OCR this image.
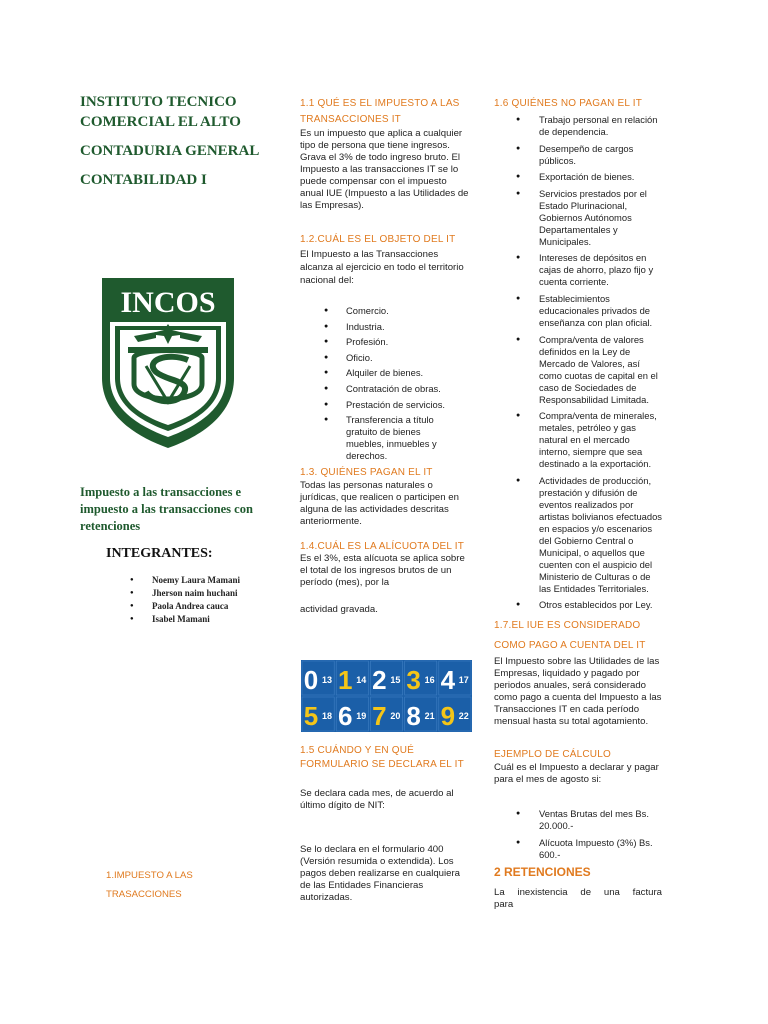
INSTITUTO TECNICO
COMERCIAL EL ALTO
CONTADURIA GENERAL
CONTABILIDAD I
INCOS
Impuesto a las transacciones e impuesto a las transacciones con retenciones
INTEGRANTES:
● Noemy Laura Mamani
● Jherson naim huchani
● Paola Andrea cauca
● Isabel Mamani
1.IMPUESTO A LAS TRASACCIONES
1.1 QUÉ ES EL IMPUESTO A LAS TRANSACCIONES IT
Es un impuesto que aplica a cualquier tipo de persona que tiene ingresos. Grava el 3% de todo ingreso bruto. El Impuesto a las transacciones IT se lo puede compensar con el impuesto anual IUE (Impuesto a las Utilidades de las Empresas).
1.2.CUÁL ES EL OBJETO DEL IT
El Impuesto a las Transacciones alcanza al ejercicio en todo el territorio nacional del:
● Comercio.
● Industria.
● Profesión.
● Oficio.
● Alquiler de bienes.
● Contratación de obras.
● Prestación de servicios.
● Transferencia a título gratuito de bienes muebles, inmuebles y derechos.
1.3. QUIÉNES PAGAN EL IT
Todas las personas naturales o jurídicas, que realicen o participen en alguna de las actividades descritas anteriormente.
1.4.CUÁL ES LA ALÍCUOTA DEL IT
Es el 3%, esta alícuota se aplica sobre el total de los ingresos brutos de un período (mes), por la
actividad gravada.
0 13 1 14 2 15 3 16 4 17
5 18 6 19 7 20 8 21 9 22
1.5 CUÁNDO Y EN QUÉ FORMULARIO SE DECLARA EL IT
Se declara cada mes, de acuerdo al último dígito de NIT:
Se lo declara en el formulario 400 (Versión resumida o extendida). Los pagos deben realizarse en cualquiera de las Entidades Financieras autorizadas.
1.6 QUIÉNES NO PAGAN EL IT
● Trabajo personal en relación de dependencia.
● Desempeño de cargos públicos.
● Exportación de bienes.
● Servicios prestados por el Estado Plurinacional, Gobiernos Autónomos Departamentales y Municipales.
● Intereses de depósitos en cajas de ahorro, plazo fijo y cuenta corriente.
● Establecimientos educacionales privados de enseñanza con plan oficial.
● Compra/venta de valores definidos en la Ley de Mercado de Valores, así como cuotas de capital en el caso de Sociedades de Responsabilidad Limitada.
● Compra/venta de minerales, metales, petróleo y gas natural en el mercado interno, siempre que sea destinado a la exportación.
● Actividades de producción, prestación y difusión de eventos realizados por artistas bolivianos efectuados en espacios y/o escenarios del Gobierno Central o Municipal, o aquellos que cuenten con el auspicio del Ministerio de Culturas o de las Entidades Territoriales.
● Otros establecidos por Ley.
1.7.EL IUE ES CONSIDERADO COMO PAGO A CUENTA DEL IT
El Impuesto sobre las Utilidades de las Empresas, liquidado y pagado por periodos anuales, será considerado como pago a cuenta del Impuesto a las Transacciones IT en cada período mensual hasta su total agotamiento.
EJEMPLO DE CÁLCULO
Cuál es el Impuesto a declarar y pagar para el mes de agosto si:
● Ventas Brutas del mes Bs. 20.000.-
● Alícuota Impuesto (3%) Bs. 600.-
2 RETENCIONES
La inexistencia de una factura para
